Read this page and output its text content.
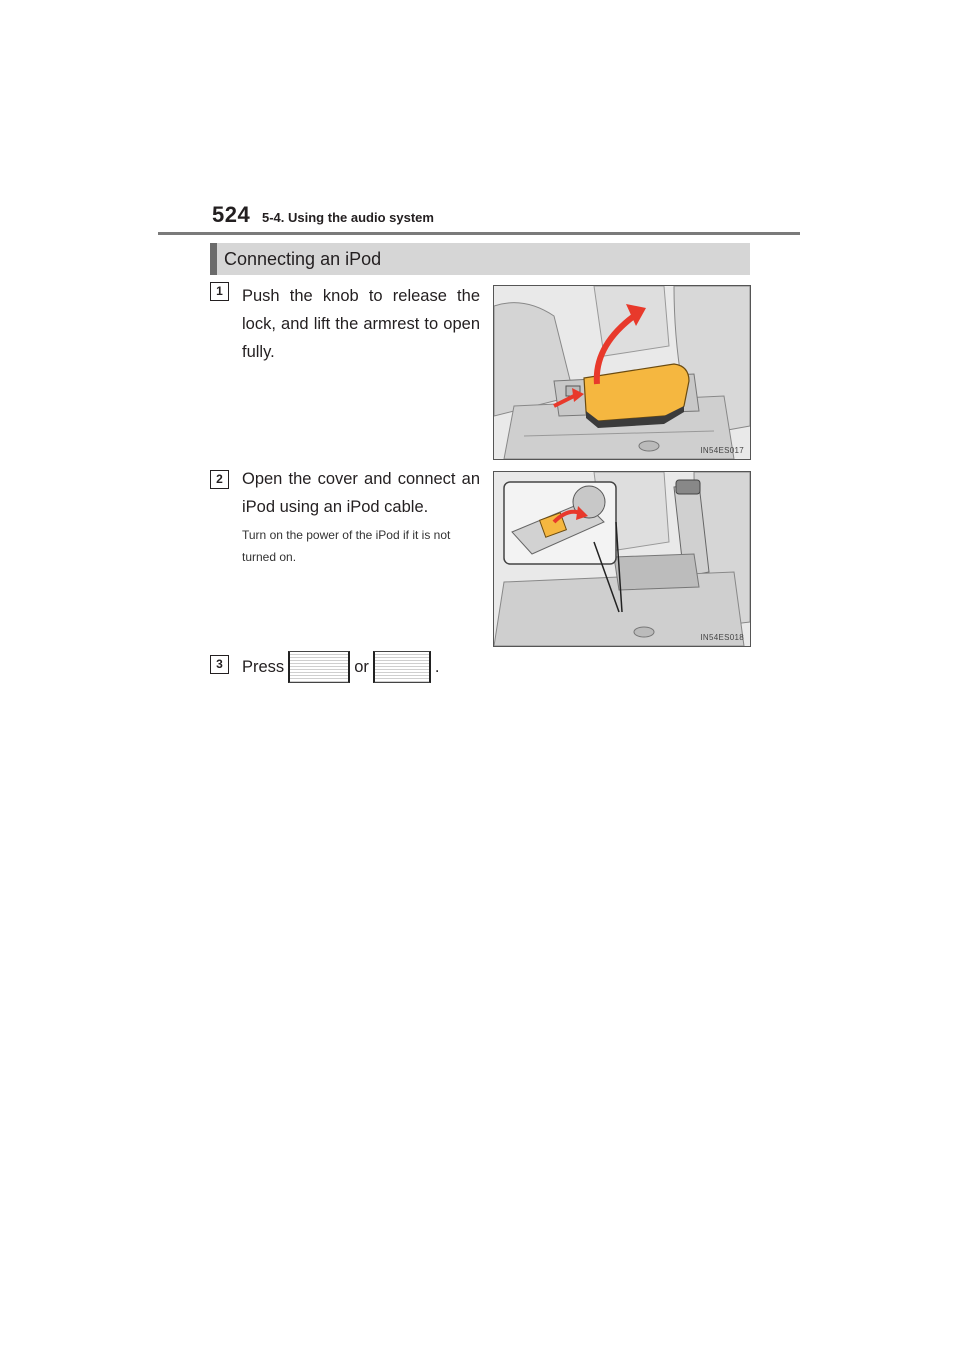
524 5-4. Using the audio system
Connecting an iPod
1	Push the knob to release the lock, and lift the armrest to open fully.
IN54ES017
2	Open the cover and connect an iPod using an iPod cable.
Turn on the power of the iPod if it is not turned on.
IN54ES018
3	Press	or	.
